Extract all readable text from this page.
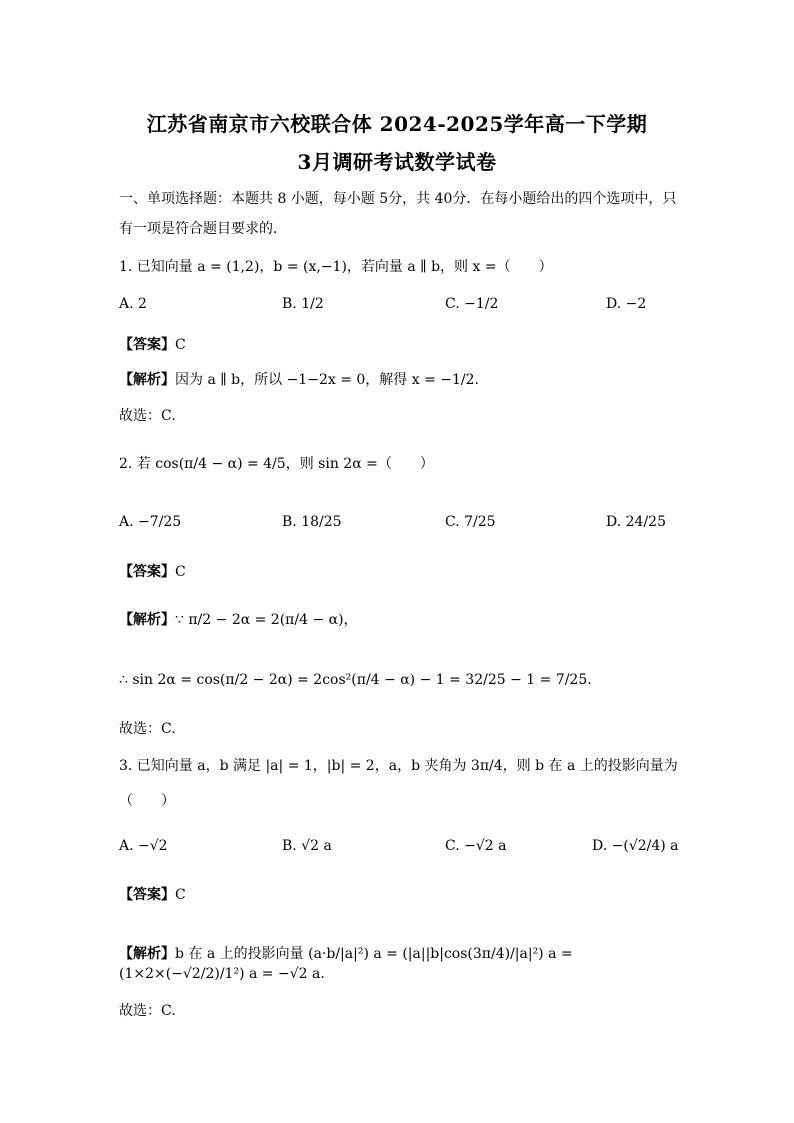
江苏省南京市六校联合体 2024-2025学年高一下学期
3月调研考试数学试卷
一、单项选择题：本题共 8 小题，每小题 5分，共 40分．在每小题给出的四个选项中，只
有一项是符合题目要求的．
1. 已知向量 a = (1,2)，b = (x,−1)，若向量 a ∥ b，则 x =（　　）
A. 2	B. 1/2	C. −1/2	D. −2
【答案】C
【解析】因为 a ∥ b，所以 −1−2x = 0，解得 x = −1/2.
故选：C.
2. 若 cos(π/4 − α) = 4/5，则 sin 2α =（　　）
A. −7/25	B. 18/25	C. 7/25	D. 24/25
【答案】C
【解析】∵ π/2 − 2α = 2(π/4 − α)，
∴ sin 2α = cos(π/2 − 2α) = 2cos²(π/4 − α) − 1 = 32/25 − 1 = 7/25.
故选：C.
3. 已知向量 a，b 满足 |a| = 1，|b| = 2，a，b 夹角为 3π/4，则 b 在 a 上的投影向量为
（　　）
A. −√2	B. √2 a	C. −√2 a	D. −(√2/4) a
【答案】C
【解析】b 在 a 上的投影向量 (a·b/|a|²) a = (|a||b|cos(3π/4)/|a|²) a = (1×2×(−√2/2)/1²) a = −√2 a.
故选：C.
